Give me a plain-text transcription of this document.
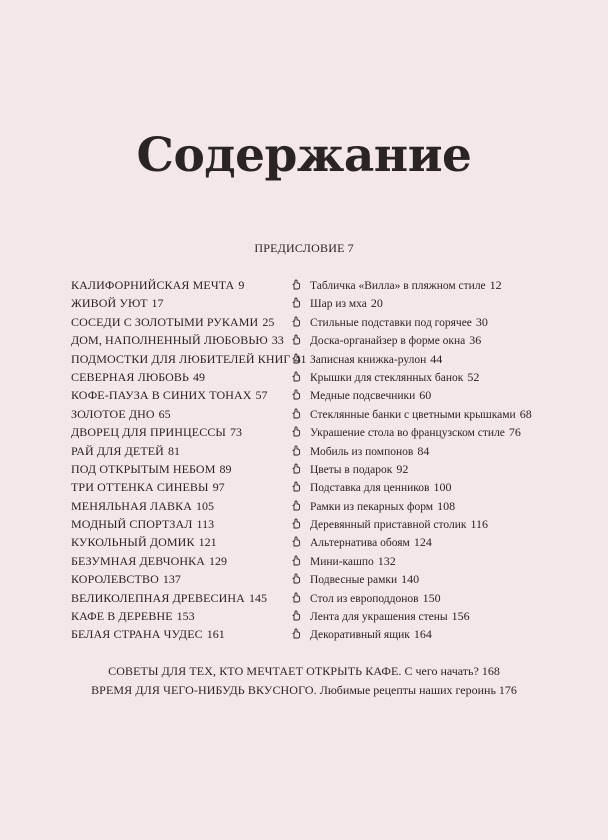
Содержание

ПРЕДИСЛОВИЕ 7

КАЛИФОРНИЙСКАЯ МЕЧТА 9
ЖИВОЙ УЮТ 17
СОСЕДИ С ЗОЛОТЫМИ РУКАМИ 25
ДОМ, НАПОЛНЕННЫЙ ЛЮБОВЬЮ 33
ПОДМОСТКИ ДЛЯ ЛЮБИТЕЛЕЙ КНИГ 41
СЕВЕРНАЯ ЛЮБОВЬ 49
КОФЕ-ПАУЗА В СИНИХ ТОНАХ 57
ЗОЛОТОЕ ДНО 65
ДВОРЕЦ ДЛЯ ПРИНЦЕССЫ 73
РАЙ ДЛЯ ДЕТЕЙ 81
ПОД ОТКРЫТЫМ НЕБОМ 89
ТРИ ОТТЕНКА СИНЕВЫ 97
МЕНЯЛЬНАЯ ЛАВКА 105
МОДНЫЙ СПОРТЗАЛ 113
КУКОЛЬНЫЙ ДОМИК 121
БЕЗУМНАЯ ДЕВЧОНКА 129
КОРОЛЕВСТВО 137
ВЕЛИКОЛЕПНАЯ ДРЕВЕСИНА 145
КАФЕ В ДЕРЕВНЕ 153
БЕЛАЯ СТРАНА ЧУДЕС 161
Табличка «Вилла» в пляжном стиле 12
Шар из мха 20
Стильные подставки под горячее 30
Доска-органайзер в форме окна 36
Записная книжка-рулон 44
Крышки для стеклянных банок 52
Медные подсвечники 60
Стеклянные банки с цветными крышками 68
Украшение стола во французском стиле 76
Мобиль из помпонов 84
Цветы в подарок 92
Подставка для ценников 100
Рамки из пекарных форм 108
Деревянный приставной столик 116
Альтернатива обоям 124
Мини-кашпо 132
Подвесные рамки 140
Стол из европоддонов 150
Лента для украшения стены 156
Декоративный ящик 164

СОВЕТЫ ДЛЯ ТЕХ, КТО МЕЧТАЕТ ОТКРЫТЬ КАФЕ. С чего начать? 168

ВРЕМЯ ДЛЯ ЧЕГО-НИБУДЬ ВКУСНОГО. Любимые рецепты наших героинь 176
